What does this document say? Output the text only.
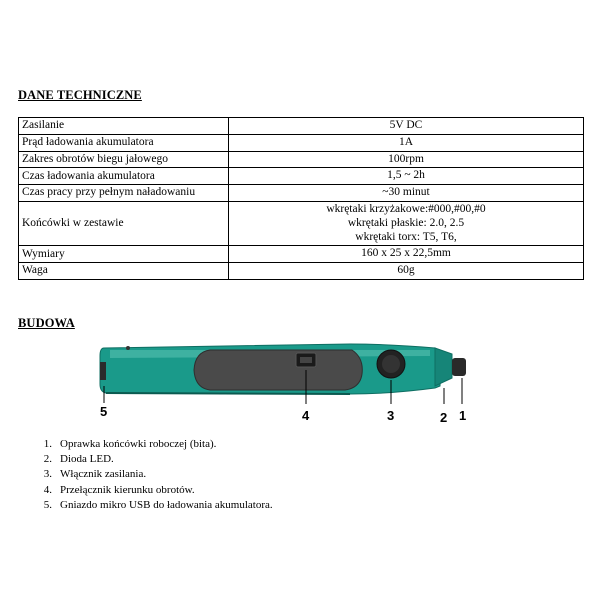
DANE TECHNICZNE
Zasilanie	5V DC

Prąd ładowania akumulatora	1A

Zakres obrotów biegu jałowego	100rpm

Czas ładowania akumulatora	1,5 ~ 2h

Czas pracy przy pełnym naładowaniu	~30 minut

Końcówki w zestawie	wkrętaki krzyżakowe:#000,#00,#0
wkrętaki płaskie: 2.0, 2.5
wkrętaki torx: T5, T6,

Wymiary	160 x 25 x 22,5mm

Waga	60g
BUDOWA
5	4	3	2 1
1. Oprawka końcówki roboczej (bita).
2. Dioda LED.
3. Włącznik zasilania.
4. Przełącznik kierunku obrotów.
5. Gniazdo mikro USB do ładowania akumulatora.
